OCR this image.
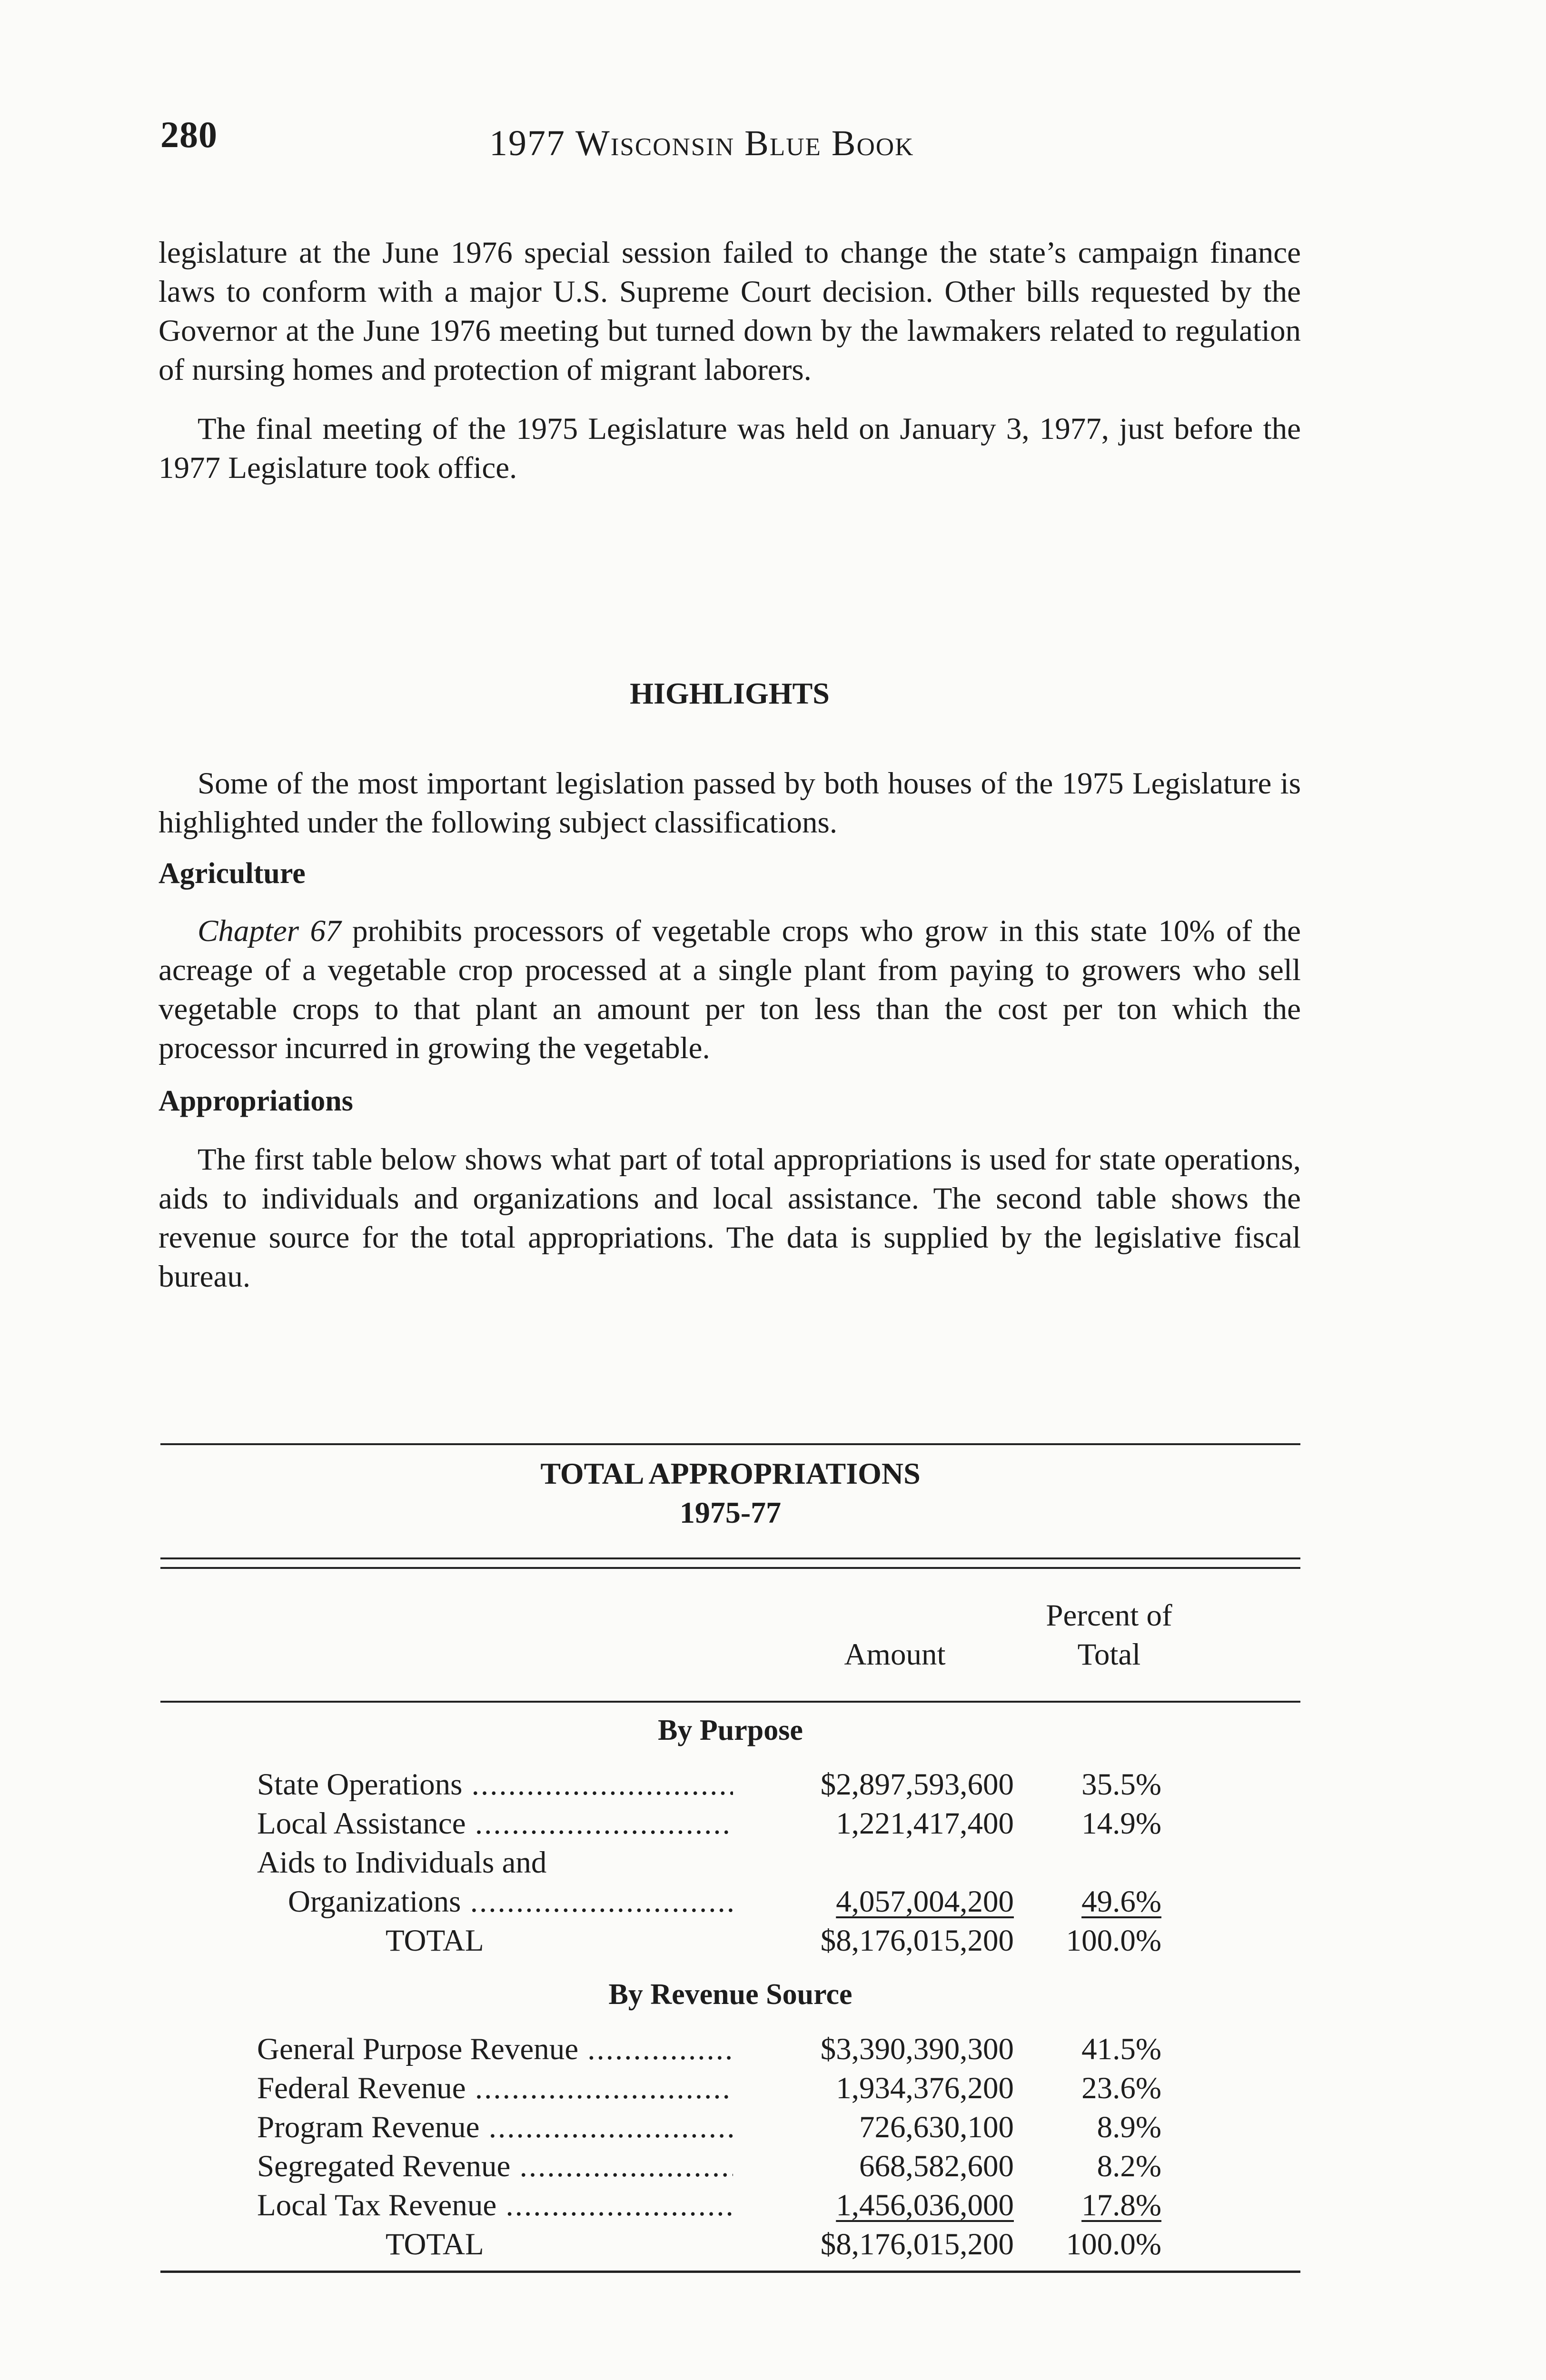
280	1977 Wisconsin Blue Book
legislature at the June 1976 special session failed to change the state’s campaign finance laws to conform with a major U.S. Supreme Court decision. Other bills requested by the Governor at the June 1976 meeting but turned down by the lawmakers related to regulation of nursing homes and protection of migrant laborers.
The final meeting of the 1975 Legislature was held on January 3, 1977, just before the 1977 Legislature took office.
HIGHLIGHTS
Some of the most important legislation passed by both houses of the 1975 Legislature is highlighted under the following subject classifications.
Agriculture
Chapter 67 prohibits processors of vegetable crops who grow in this state 10% of the acreage of a vegetable crop processed at a single plant from paying to growers who sell vegetable crops to that plant an amount per ton less than the cost per ton which the processor incurred in growing the vegetable.
Appropriations
The first table below shows what part of total appropriations is used for state operations, aids to individuals and organizations and local assistance. The second table shows the revenue source for the total appropriations. The data is supplied by the legislative fiscal bureau.
TOTAL APPROPRIATIONS
1975-77
Amount
Percent of
Total
By Purpose
State Operations .....	$2,897,593,600	35.5%
Local Assistance .....	1,221,417,400	14.9%
Aids to Individuals and
Organizations .....	4,057,004,200	49.6%
TOTAL	$8,176,015,200	100.0%
By Revenue Source
General Purpose Revenue .....	$3,390,390,300	41.5%
Federal Revenue .....	1,934,376,200	23.6%
Program Revenue .....	726,630,100	8.9%
Segregated Revenue .....	668,582,600	8.2%
Local Tax Revenue .....	1,456,036,000	17.8%
TOTAL	$8,176,015,200	100.0%
